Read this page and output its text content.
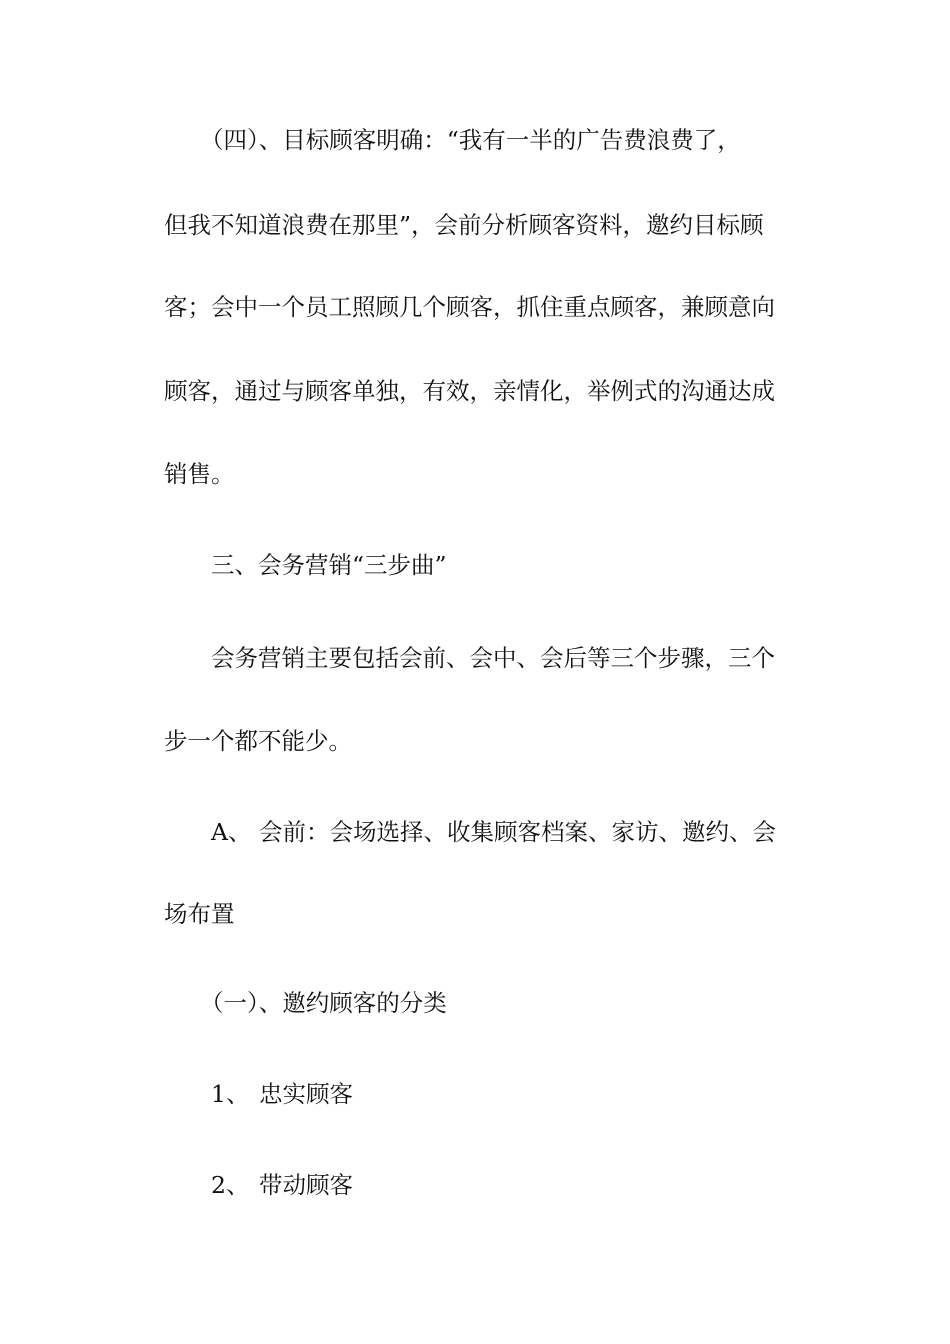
（四）、目标顾客明确：“我有一半的广告费浪费了，
但我不知道浪费在那里”，会前分析顾客资料，邀约目标顾
客；会中一个员工照顾几个顾客，抓住重点顾客，兼顾意向
顾客，通过与顾客单独，有效，亲情化，举例式的沟通达成
销售。
三、会务营销“三步曲”
会务营销主要包括会前、会中、会后等三个步骤，三个
步一个都不能少。
A、 会前：会场选择、收集顾客档案、家访、邀约、会
场布置
（一）、邀约顾客的分类
1、 忠实顾客
2、 带动顾客
